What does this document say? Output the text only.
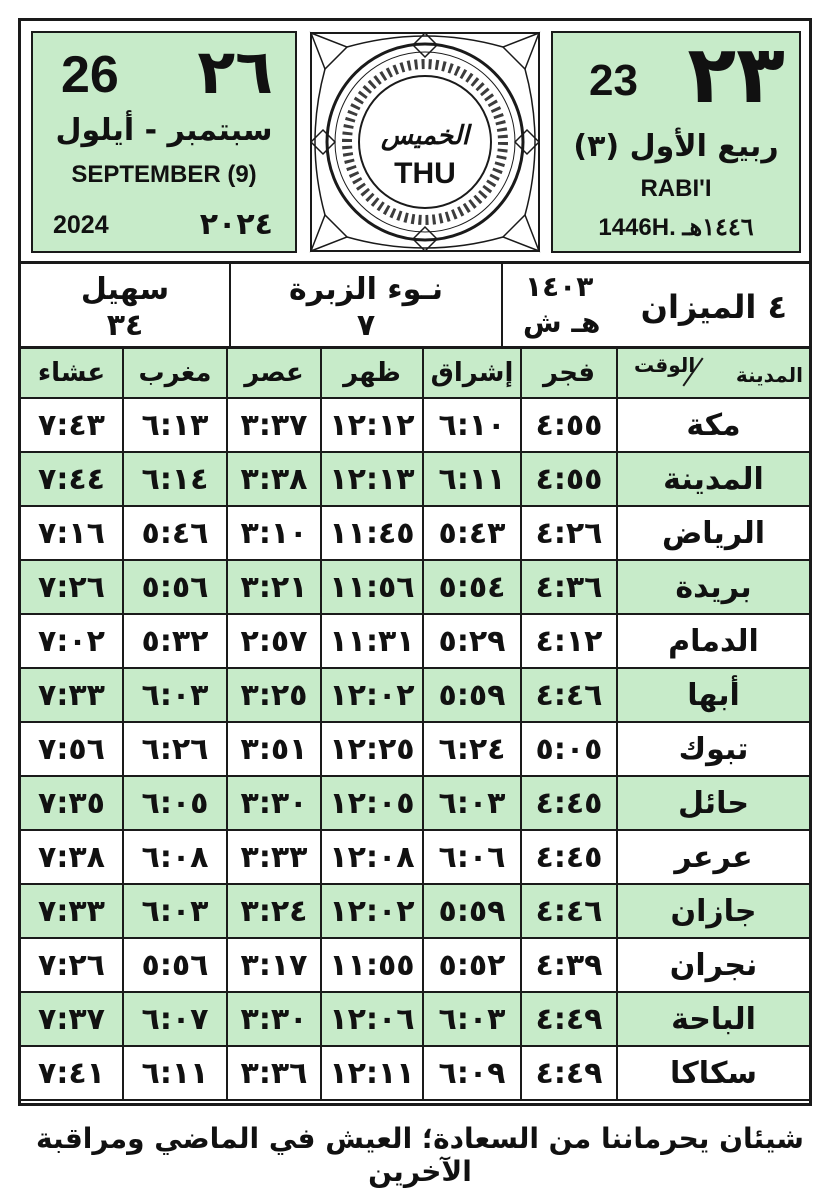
26 ٢٦
سبتمبر - أيلول
SEPTEMBER (9)
2024	٢٠٢٤
الخميس
THU
23 ٢٣
ربيع الأول (٣)
RABI'I
1446H. ١٤٤٦هـ
سهيل
٣٤
نـوء الزبرة
٧
١٤٠٣
هـ ش ٤ الميزان
المدينة
الوقت	فجر	إشراق	ظهر	عصر	مغرب	عشاء
مكة	٤:٥٥	٦:١٠	١٢:١٢	٣:٣٧	٦:١٣	٧:٤٣
المدينة	٤:٥٥	٦:١١	١٢:١٣	٣:٣٨	٦:١٤	٧:٤٤
الرياض	٤:٢٦	٥:٤٣	١١:٤٥	٣:١٠	٥:٤٦	٧:١٦
بريدة	٤:٣٦	٥:٥٤	١١:٥٦	٣:٢١	٥:٥٦	٧:٢٦
الدمام	٤:١٢	٥:٢٩	١١:٣١	٢:٥٧	٥:٣٢	٧:٠٢
أبها	٤:٤٦	٥:٥٩	١٢:٠٢	٣:٢٥	٦:٠٣	٧:٣٣
تبوك	٥:٠٥	٦:٢٤	١٢:٢٥	٣:٥١	٦:٢٦	٧:٥٦
حائل	٤:٤٥	٦:٠٣	١٢:٠٥	٣:٣٠	٦:٠٥	٧:٣٥
عرعر	٤:٤٥	٦:٠٦	١٢:٠٨	٣:٣٣	٦:٠٨	٧:٣٨
جازان	٤:٤٦	٥:٥٩	١٢:٠٢	٣:٢٤	٦:٠٣	٧:٣٣
نجران	٤:٣٩	٥:٥٢	١١:٥٥	٣:١٧	٥:٥٦	٧:٢٦
الباحة	٤:٤٩	٦:٠٣	١٢:٠٦	٣:٣٠	٦:٠٧	٧:٣٧
سكاكا	٤:٤٩	٦:٠٩	١٢:١١	٣:٣٦	٦:١١	٧:٤١
شيئان يحرماننا من السعادة؛ العيش في الماضي ومراقبة الآخرين
